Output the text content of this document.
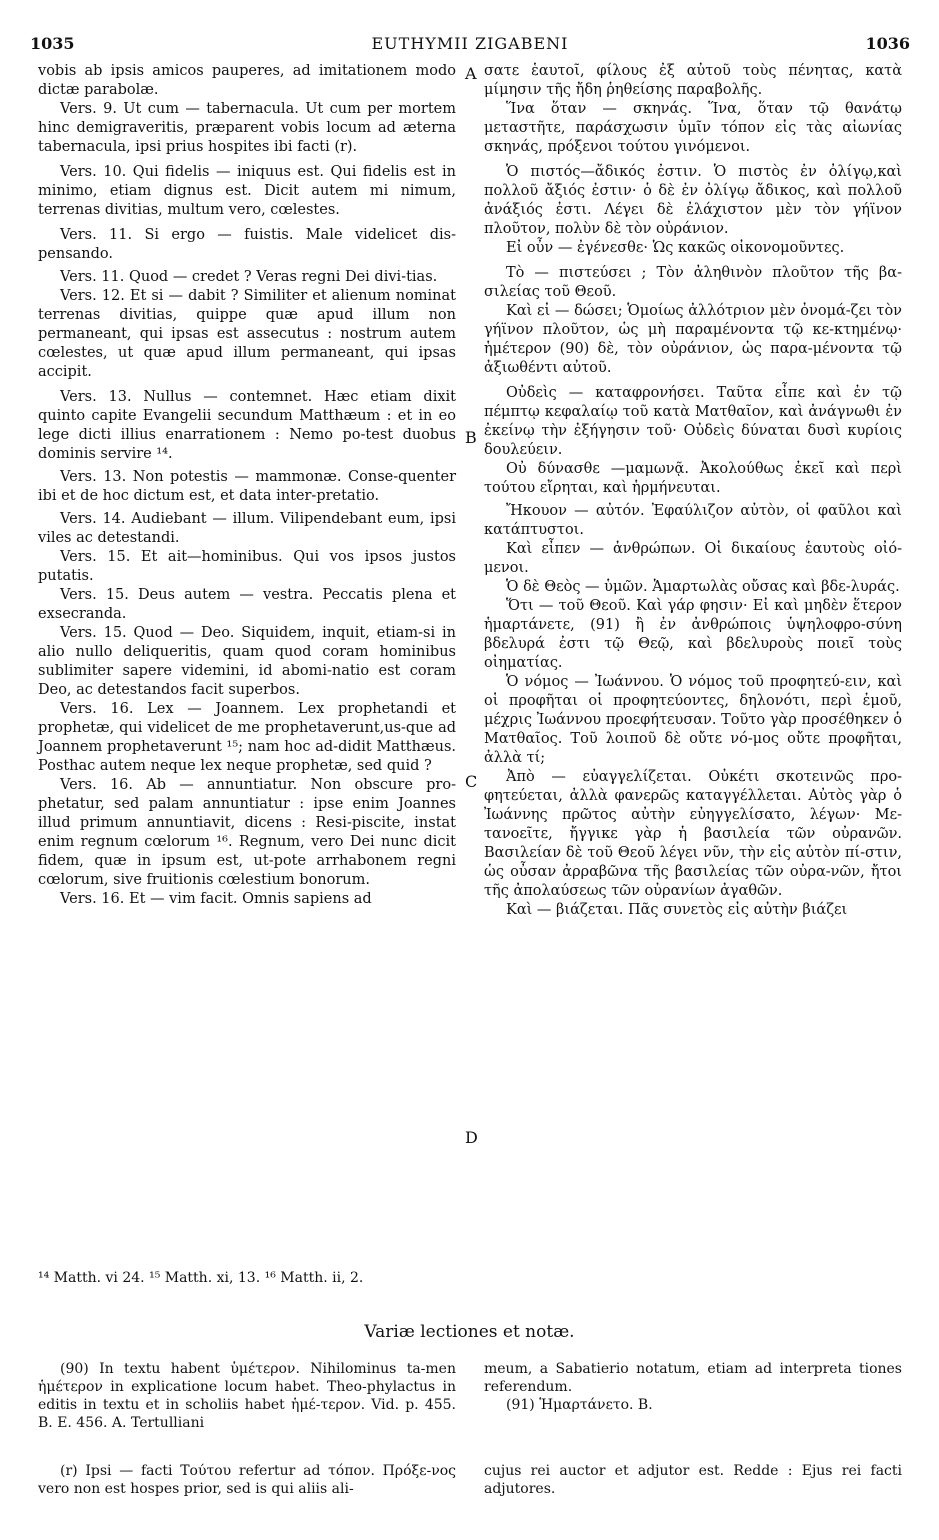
1035	EUTHYMII ZIGABENI	1036

vobis ab ipsis amicos pauperes, ad imitationem modo dictæ parabolæ.

Vers. 9. Ut cum — tabernacula. Ut cum per mortem hinc demigraveritis, præparent vobis locum ad æterna tabernacula, ipsi prius hospites ibi facti (r).

Vers. 10. Qui fidelis — iniquus est. Qui fidelis est in minimo, etiam dignus est. Dicit autem mi nimum, terrenas divitias, multum vero, cœlestes.

Vers. 11. Si ergo — fuistis. Male videlicet dis-pensando.

Vers. 11. Quod — credet ? Veras regni Dei divi-tias.

Vers. 12. Et si — dabit ? Similiter et alienum nominat terrenas divitias, quippe quæ apud illum non permaneant, qui ipsas est assecutus : nostrum autem cœlestes, ut quæ apud illum permaneant, qui ipsas accipit.

Vers. 13. Nullus — contemnet. Hæc etiam dixit quinto capite Evangelii secundum Matthæum : et in eo lege dicti illius enarrationem : Nemo po-test duobus dominis servire ¹⁴.

Vers. 13. Non potestis — mammonæ. Conse-quenter ibi et de hoc dictum est, et data inter-pretatio.

Vers. 14. Audiebant — illum. Vilipendebant eum, ipsi viles ac detestandi.

Vers. 15. Et ait—hominibus. Qui vos ipsos justos putatis.

Vers. 15. Deus autem — vestra. Peccatis plena et exsecranda.

Vers. 15. Quod — Deo. Siquidem, inquit, etiam-si in alio nullo deliqueritis, quam quod coram hominibus sublimiter sapere videmini, id abomi-natio est coram Deo, ac detestandos facit superbos.

Vers. 16. Lex — Joannem. Lex prophetandi et prophetæ, qui videlicet de me prophetaverunt,us-que ad Joannem prophetaverunt ¹⁵; nam hoc ad-didit Matthæus. Posthac autem neque lex neque prophetæ, sed quid ?

Vers. 16. Ab — annuntiatur. Non obscure pro-phetatur, sed palam annuntiatur : ipse enim Joannes illud primum annuntiavit, dicens : Resi-piscite, instat enim regnum cœlorum ¹⁶. Regnum, vero Dei nunc dicit fidem, quæ in ipsum est, ut-pote arrhabonem regni cœlorum, sive fruitionis cœlestium bonorum.

Vers. 16. Et — vim facit. Omnis sapiens ad

σατε ἑαυτοῖ, φίλους ἐξ αὐτοῦ τοὺς πένητας, κατὰ μίμησιν τῆς ἤδη ῥηθείσης παραβολῆς.

Ἵνα ὅταν — σκηνάς. Ἵνα, ὅταν τῷ θανάτῳ μεταστῆτε, παράσχωσιν ὑμῖν τόπον εἰς τὰς αἰωνίας σκηνάς, πρόξενοι τούτου γινόμενοι.

Ὁ πιστός—ἄδικός ἐστιν. Ὁ πιστὸς ἐν ὀλίγῳ,καὶ πολλοῦ ἄξιός ἐστιν· ὁ δὲ ἐν ὀλίγῳ ἄδικος, καὶ πολλοῦ ἀνάξιός ἐστι. Λέγει δὲ ἐλάχιστον μὲν τὸν γήϊνον πλοῦτον, πολὺν δὲ τὸν οὐράνιον.

Εἰ οὖν — ἐγένεσθε· Ὡς κακῶς οἰκονομοῦντες.

Τὸ — πιστεύσει ; Τὸν ἀληθινὸν πλοῦτον τῆς βα-σιλείας τοῦ Θεοῦ.

Καὶ εἰ — δώσει; Ὁμοίως ἀλλότριον μὲν ὀνομά-ζει τὸν γήϊνον πλοῦτον, ὡς μὴ παραμένοντα τῷ κε-κτημένῳ· ἡμέτερον (90) δὲ, τὸν οὐράνιον, ὡς παρα-μένοντα τῷ ἀξιωθέντι αὐτοῦ.

Οὐδεὶς — καταφρονήσει. Ταῦτα εἶπε καὶ ἐν τῷ πέμπτῳ κεφαλαίῳ τοῦ κατὰ Ματθαῖον, καὶ ἀνάγνωθι ἐν ἐκείνῳ τὴν ἐξήγησιν τοῦ· Οὐδεὶς δύναται δυσὶ κυρίοις δουλεύειν.

Οὐ δύνασθε —μαμωνᾷ. Ἀκολούθως ἐκεῖ καὶ περὶ τούτου εἴρηται, καὶ ἡρμήνευται.

Ἤκουον — αὐτόν. Ἐφαύλιζον αὐτὸν, οἱ φαῦλοι καὶ κατάπτυστοι.

Καὶ εἶπεν — ἀνθρώπων. Οἱ δικαίους ἑαυτοὺς οἰό-μενοι.

Ὁ δὲ Θεὸς — ὑμῶν. Ἁμαρτωλὰς οὔσας καὶ βδε-λυράς.

Ὅτι — τοῦ Θεοῦ. Καὶ γάρ φησιν· Εἰ καὶ μηδὲν ἕτερον ἡμαρτάνετε, (91) ἢ ἐν ἀνθρώποις ὑψηλοφρο-σύνη βδελυρά ἐστι τῷ Θεῷ, καὶ βδελυροὺς ποιεῖ τοὺς οἰηματίας.

Ὁ νόμος — Ἰωάννου. Ὁ νόμος τοῦ προφητεύ-ειν, καὶ οἱ προφῆται οἱ προφητεύοντες, δηλονότι, περὶ ἐμοῦ, μέχρις Ἰωάννου προεφήτευσαν. Τοῦτο γὰρ προσέθηκεν ὁ Ματθαῖος. Τοῦ λοιποῦ δὲ οὔτε νό-μος οὔτε προφῆται, ἀλλὰ τί;

Ἀπὸ — εὐαγγελίζεται. Οὐκέτι σκοτεινῶς προ-φητεύεται, ἀλλὰ φανερῶς καταγγέλλεται. Αὐτὸς γὰρ ὁ Ἰωάννης πρῶτος αὐτὴν εὐηγγελίσατο, λέγων· Με-τανοεῖτε, ἤγγικε γὰρ ἡ βασιλεία τῶν οὐρανῶν. Βασιλείαν δὲ τοῦ Θεοῦ λέγει νῦν, τὴν εἰς αὐτὸν πί-στιν, ὡς οὖσαν ἀρραβῶνα τῆς βασιλείας τῶν οὐρα-νῶν, ἤτοι τῆς ἀπολαύσεως τῶν οὐρανίων ἀγαθῶν.

Καὶ — βιάζεται. Πᾶς συνετὸς εἰς αὐτὴν βιάζει

A
B
C
D
¹⁴ Matth. vi 24. ¹⁵ Matth. xi, 13. ¹⁶ Matth. ii, 2.
Variæ lectiones et notæ.

(90) In textu habent ὑμέτερον. Nihilominus ta-men ἡμέτερον in explicatione locum habet. Theo-phylactus in editis in textu et in scholiis habet ἡμέ-τερον. Vid. p. 455. B. E. 456. A. Tertulliani

(r) Ipsi — facti Τούτου refertur ad τόπον. Πρόξε-νος vero non est hospes prior, sed is qui aliis ali-

meum, a Sabatierio notatum, etiam ad interpreta tiones referendum.

(91) Ἡμαρτάνετο. B.

cujus rei auctor et adjutor est. Redde : Ejus rei facti adjutores.
